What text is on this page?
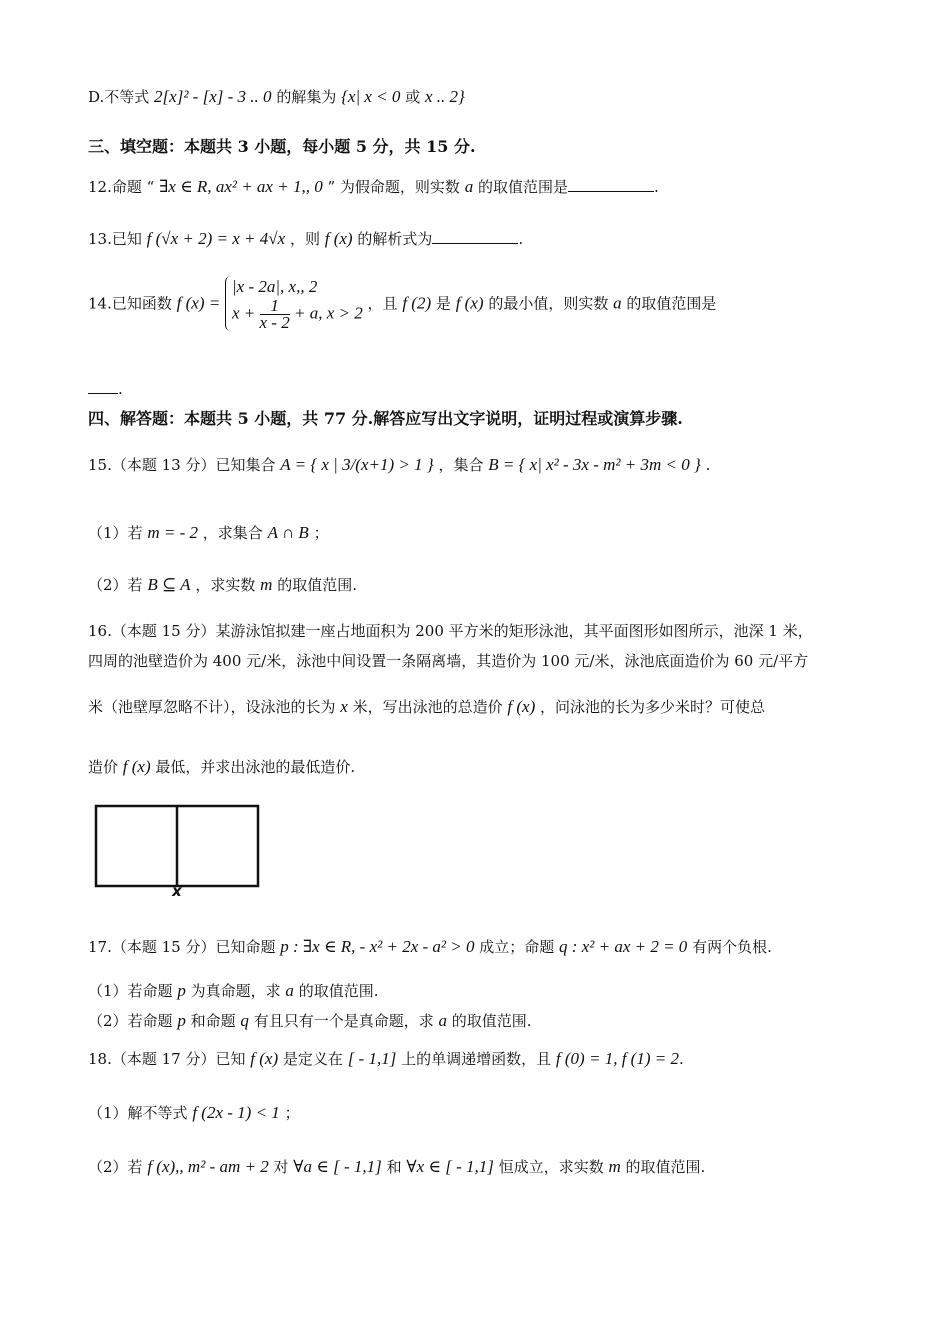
D.不等式 2[x]² - [x] - 3 .. 0 的解集为 {x| x < 0 或 x .. 2}
三、填空题：本题共 3 小题，每小题 5 分，共 15 分.
12.命题 “ ∃x ∈ R, ax² + ax + 1,, 0 ” 为假命题，则实数 a 的取值范围是	.
13.已知 f (√x + 2) = x + 4√x ，则 f (x) 的解析式为	.
14.已知函数 f (x) = |x - 2a|, x,, 2
$x + \frac{1}{x - 2} + a$, x > 2 ，且 f (2) 是 f (x) 的最小值，则实数 a 的取值范围是
.
四、解答题：本题共 5 小题，共 77 分.解答应写出文字说明，证明过程或演算步骤.
15.（本题 13 分）已知集合 A = { x | 3/(x+1) > 1 } ，集合 B = { x| x² - 3x - m² + 3m < 0 } .
（1）若 m = - 2 ，求集合 A ∩ B ；
（2）若 B ⊆ A ，求实数 m 的取值范围.
16.（本题 15 分）某游泳馆拟建一座占地面积为 200 平方米的矩形泳池，其平面图形如图所示，池深 1 米，
四周的池壁造价为 400 元/米，泳池中间设置一条隔离墙，其造价为 100 元/米，泳池底面造价为 60 元/平方
米（池壁厚忽略不计），设泳池的长为 x 米，写出泳池的总造价 f (x) ，问泳池的长为多少米时？可使总
造价 f (x) 最低，并求出泳池的最低造价.
x
17.（本题 15 分）已知命题 p : ∃x ∈ R, - x² + 2x - a² > 0 成立；命题 q : x² + ax + 2 = 0 有两个负根.
（1）若命题 p 为真命题，求 a 的取值范围.
（2）若命题 p 和命题 q 有且只有一个是真命题，求 a 的取值范围.
18.（本题 17 分）已知 f (x) 是定义在 [ - 1,1] 上的单调递增函数，且 f (0) = 1, f (1) = 2.
（1）解不等式 f (2x - 1) < 1 ；
（2）若 f (x),, m² - am + 2 对 ∀a ∈ [ - 1,1] 和 ∀x ∈ [ - 1,1] 恒成立，求实数 m 的取值范围.
